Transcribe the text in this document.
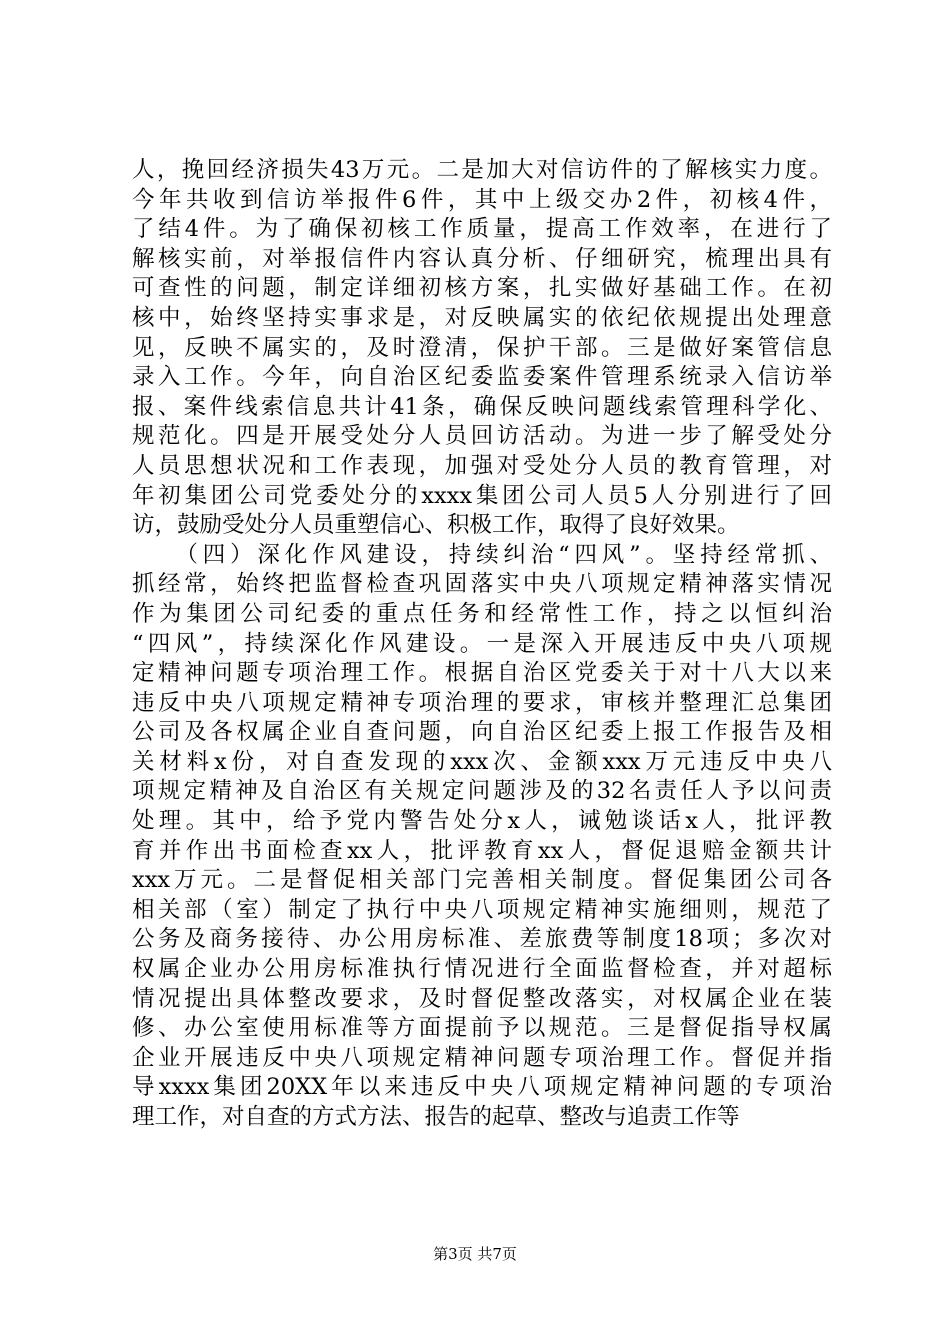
人，挽回经济损失43万元。二是加大对信访件的了解核实力度。
今年共收到信访举报件6件，其中上级交办2件，初核4件，
了结4件。为了确保初核工作质量，提高工作效率，在进行了
解核实前，对举报信件内容认真分析、仔细研究，梳理出具有
可查性的问题，制定详细初核方案，扎实做好基础工作。在初
核中，始终坚持实事求是，对反映属实的依纪依规提出处理意
见，反映不属实的，及时澄清，保护干部。三是做好案管信息
录入工作。今年，向自治区纪委监委案件管理系统录入信访举
报、案件线索信息共计41条，确保反映问题线索管理科学化、
规范化。四是开展受处分人员回访活动。为进一步了解受处分
人员思想状况和工作表现，加强对受处分人员的教育管理，对
年初集团公司党委处分的xxxx集团公司人员5人分别进行了回
访，鼓励受处分人员重塑信心、积极工作，取得了良好效果。
　　（四）深化作风建设，持续纠治“四风”。坚持经常抓、
抓经常，始终把监督检查巩固落实中央八项规定精神落实情况
作为集团公司纪委的重点任务和经常性工作，持之以恒纠治
“四风”，持续深化作风建设。一是深入开展违反中央八项规
定精神问题专项治理工作。根据自治区党委关于对十八大以来
违反中央八项规定精神专项治理的要求，审核并整理汇总集团
公司及各权属企业自查问题，向自治区纪委上报工作报告及相
关材料x份，对自查发现的xxx次、金额xxx万元违反中央八
项规定精神及自治区有关规定问题涉及的32名责任人予以问责
处理。其中，给予党内警告处分x人，诫勉谈话x人，批评教
育并作出书面检查xx人，批评教育xx人，督促退赔金额共计
xxx万元。二是督促相关部门完善相关制度。督促集团公司各
相关部（室）制定了执行中央八项规定精神实施细则，规范了
公务及商务接待、办公用房标准、差旅费等制度18项；多次对
权属企业办公用房标准执行情况进行全面监督检查，并对超标
情况提出具体整改要求，及时督促整改落实，对权属企业在装
修、办公室使用标准等方面提前予以规范。三是督促指导权属
企业开展违反中央八项规定精神问题专项治理工作。督促并指
导xxxx集团20XX年以来违反中央八项规定精神问题的专项治
理工作，对自查的方式方法、报告的起草、整改与追责工作等
第3页 共7页
